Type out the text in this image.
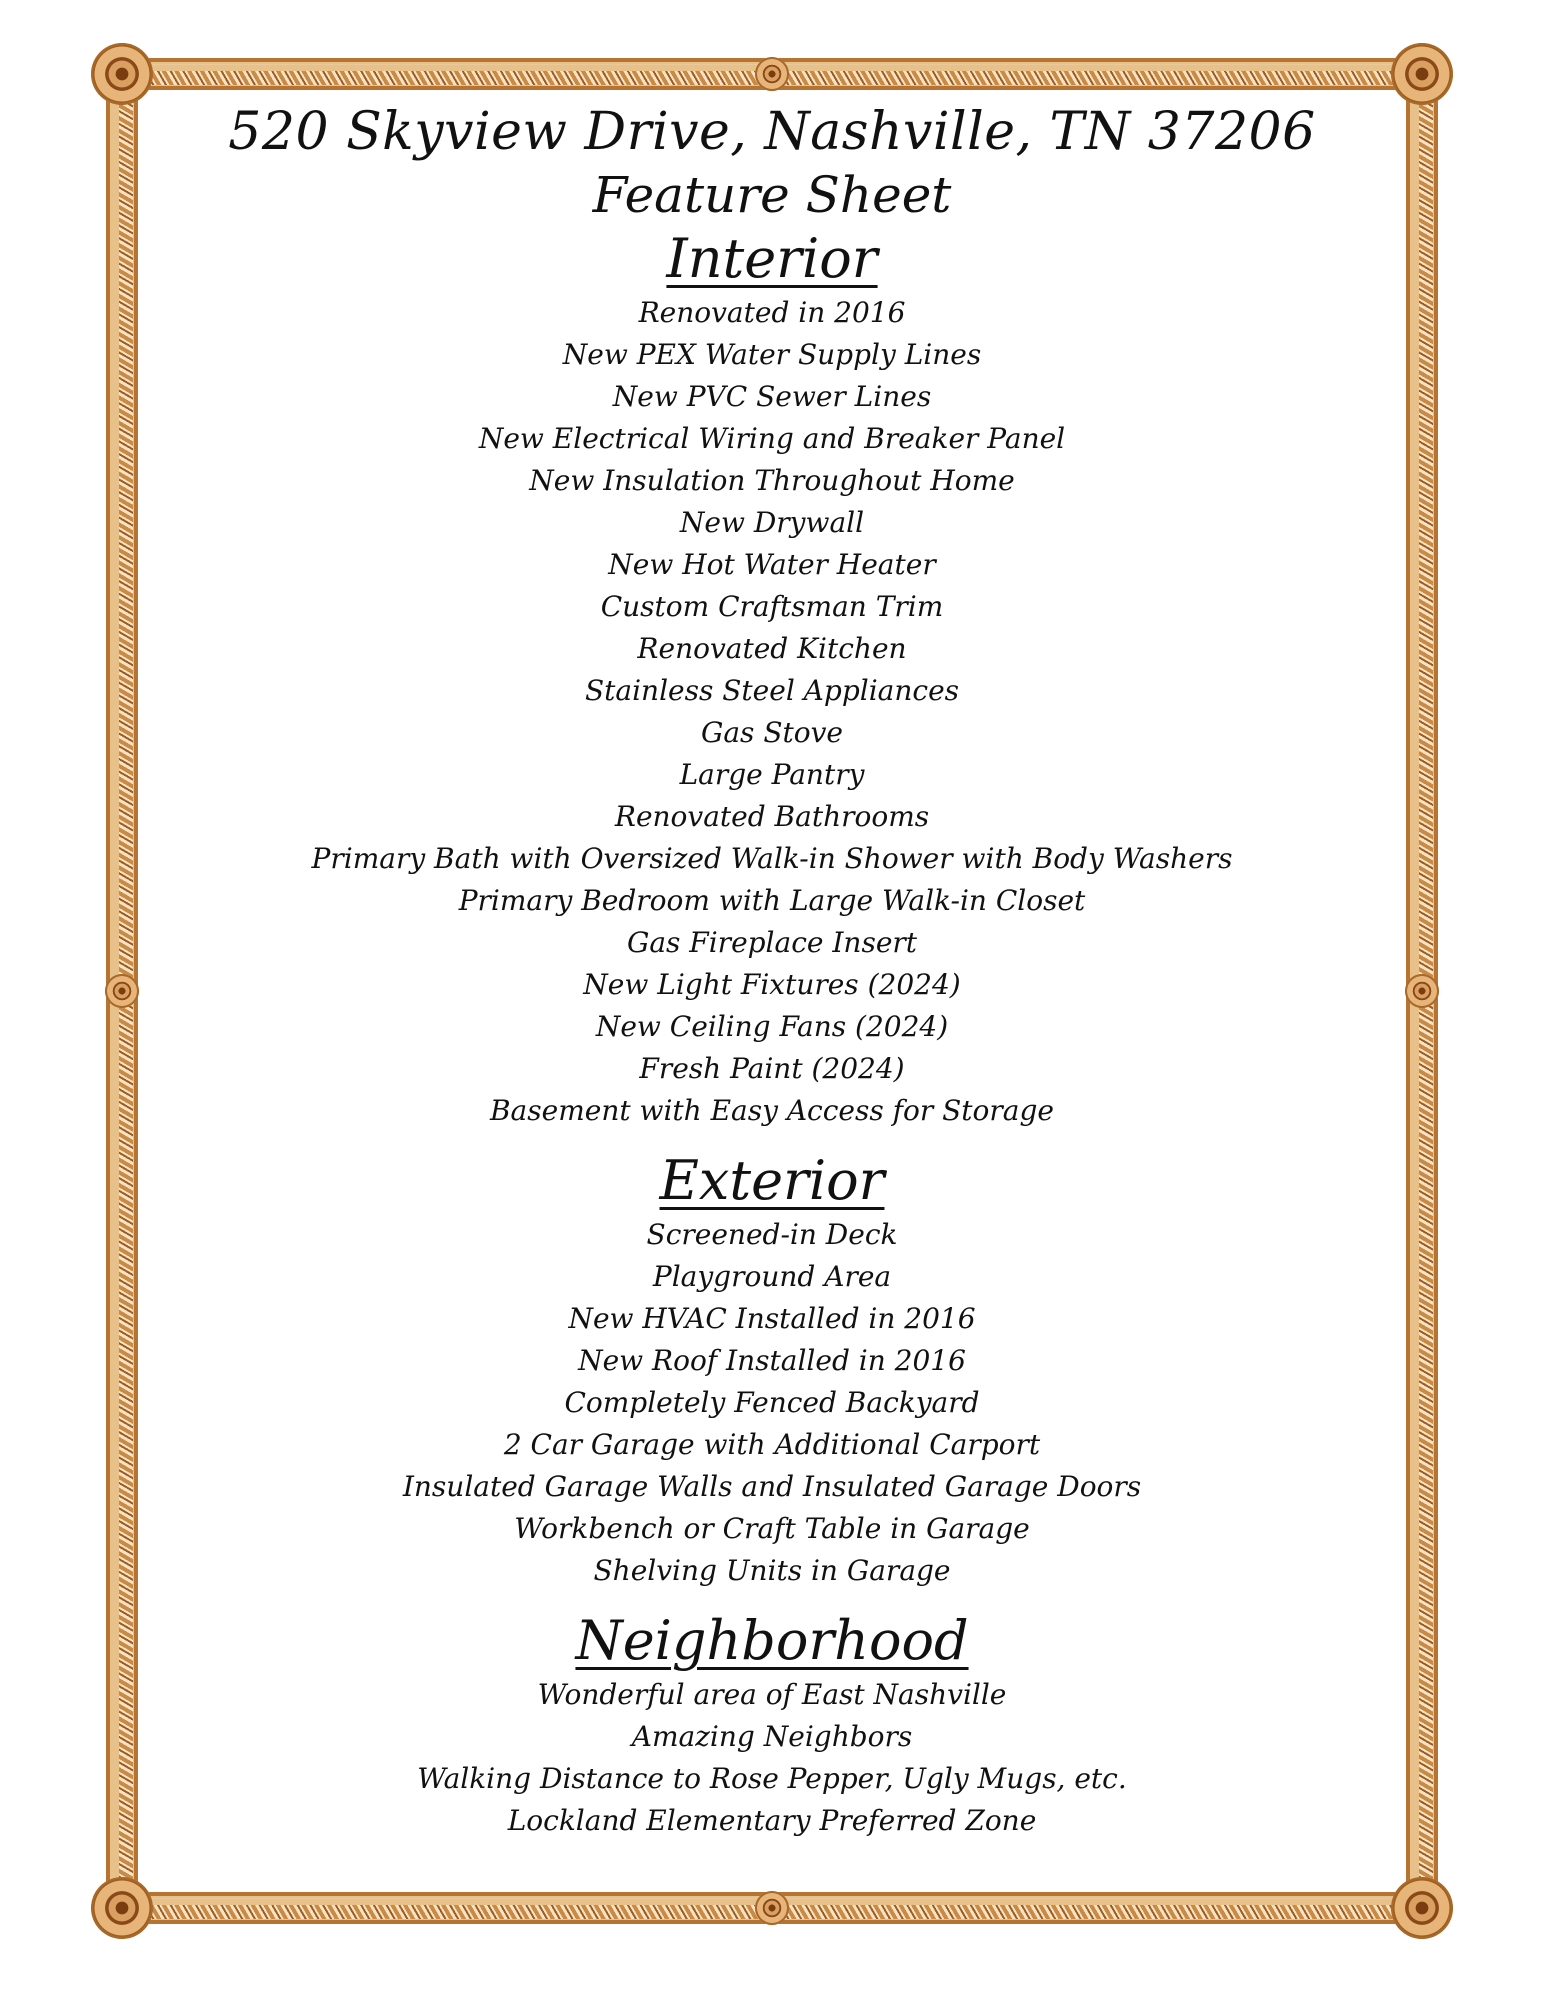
520 Skyview Drive, Nashville, TN 37206
Feature Sheet
Interior
Renovated in 2016
New PEX Water Supply Lines
New PVC Sewer Lines
New Electrical Wiring and Breaker Panel
New Insulation Throughout Home
New Drywall
New Hot Water Heater
Custom Craftsman Trim
Renovated Kitchen
Stainless Steel Appliances
Gas Stove
Large Pantry
Renovated Bathrooms
Primary Bath with Oversized Walk-in Shower with Body Washers
Primary Bedroom with Large Walk-in Closet
Gas Fireplace Insert
New Light Fixtures (2024)
New Ceiling Fans (2024)
Fresh Paint (2024)
Basement with Easy Access for Storage
Exterior
Screened-in Deck
Playground Area
New HVAC Installed in 2016
New Roof Installed in 2016
Completely Fenced Backyard
2 Car Garage with Additional Carport
Insulated Garage Walls and Insulated Garage Doors
Workbench or Craft Table in Garage
Shelving Units in Garage
Neighborhood
Wonderful area of East Nashville
Amazing Neighbors
Walking Distance to Rose Pepper, Ugly Mugs, etc.
Lockland Elementary Preferred Zone
